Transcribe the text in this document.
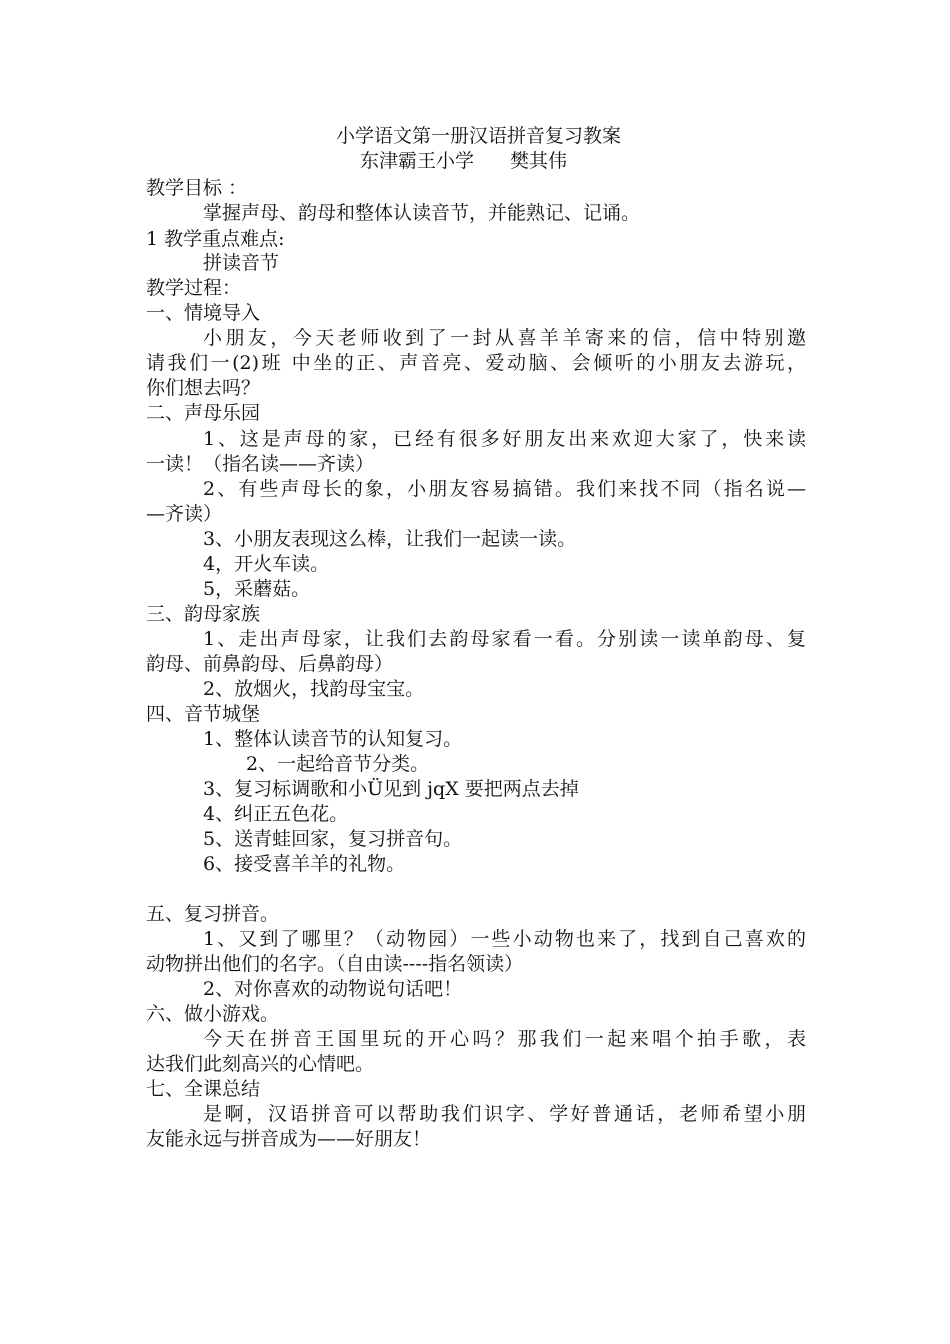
小学语文第一册汉语拼音复习教案
东津霸王小学 樊其伟
教学目标 ：
掌握声母、韵母和整体认读音节，并能熟记、记诵。
1 教学重点难点:
拼读音节
教学过程：
一、情境导入
小朋友，今天老师收到了一封从喜羊羊寄来的信，信中特别邀
请我们一(2)班 中坐的正、声音亮、爱动脑、会倾听的小朋友去游玩，
你们想去吗？
二、声母乐园
1、这是声母的家，已经有很多好朋友出来欢迎大家了，快来读
一读！（指名读——齐读）
2、有些声母长的象，小朋友容易搞错。我们来找不同（指名说—
—齐读）
3、小朋友表现这么棒，让我们一起读一读。
4，开火车读。
5，采蘑菇。
三、韵母家族
1、走出声母家，让我们去韵母家看一看。分别读一读单韵母、复
韵母、前鼻韵母、后鼻韵母）
2、放烟火，找韵母宝宝。
四、音节城堡
1、整体认读音节的认知复习。
2、一起给音节分类。
3、复习标调歌和小Ü见到 jqX 要把两点去掉
4、纠正五色花。
5、送青蛙回家，复习拼音句。
6、接受喜羊羊的礼物。
五、复习拼音。
1、又到了哪里？（动物园）一些小动物也来了，找到自己喜欢的
动物拼出他们的名字。（自由读----指名领读）
2、对你喜欢的动物说句话吧！
六、做小游戏。
今天在拼音王国里玩的开心吗？那我们一起来唱个拍手歌，表
达我们此刻高兴的心情吧。
七、全课总结
是啊，汉语拼音可以帮助我们识字、学好普通话，老师希望小朋
友能永远与拼音成为——好朋友！
